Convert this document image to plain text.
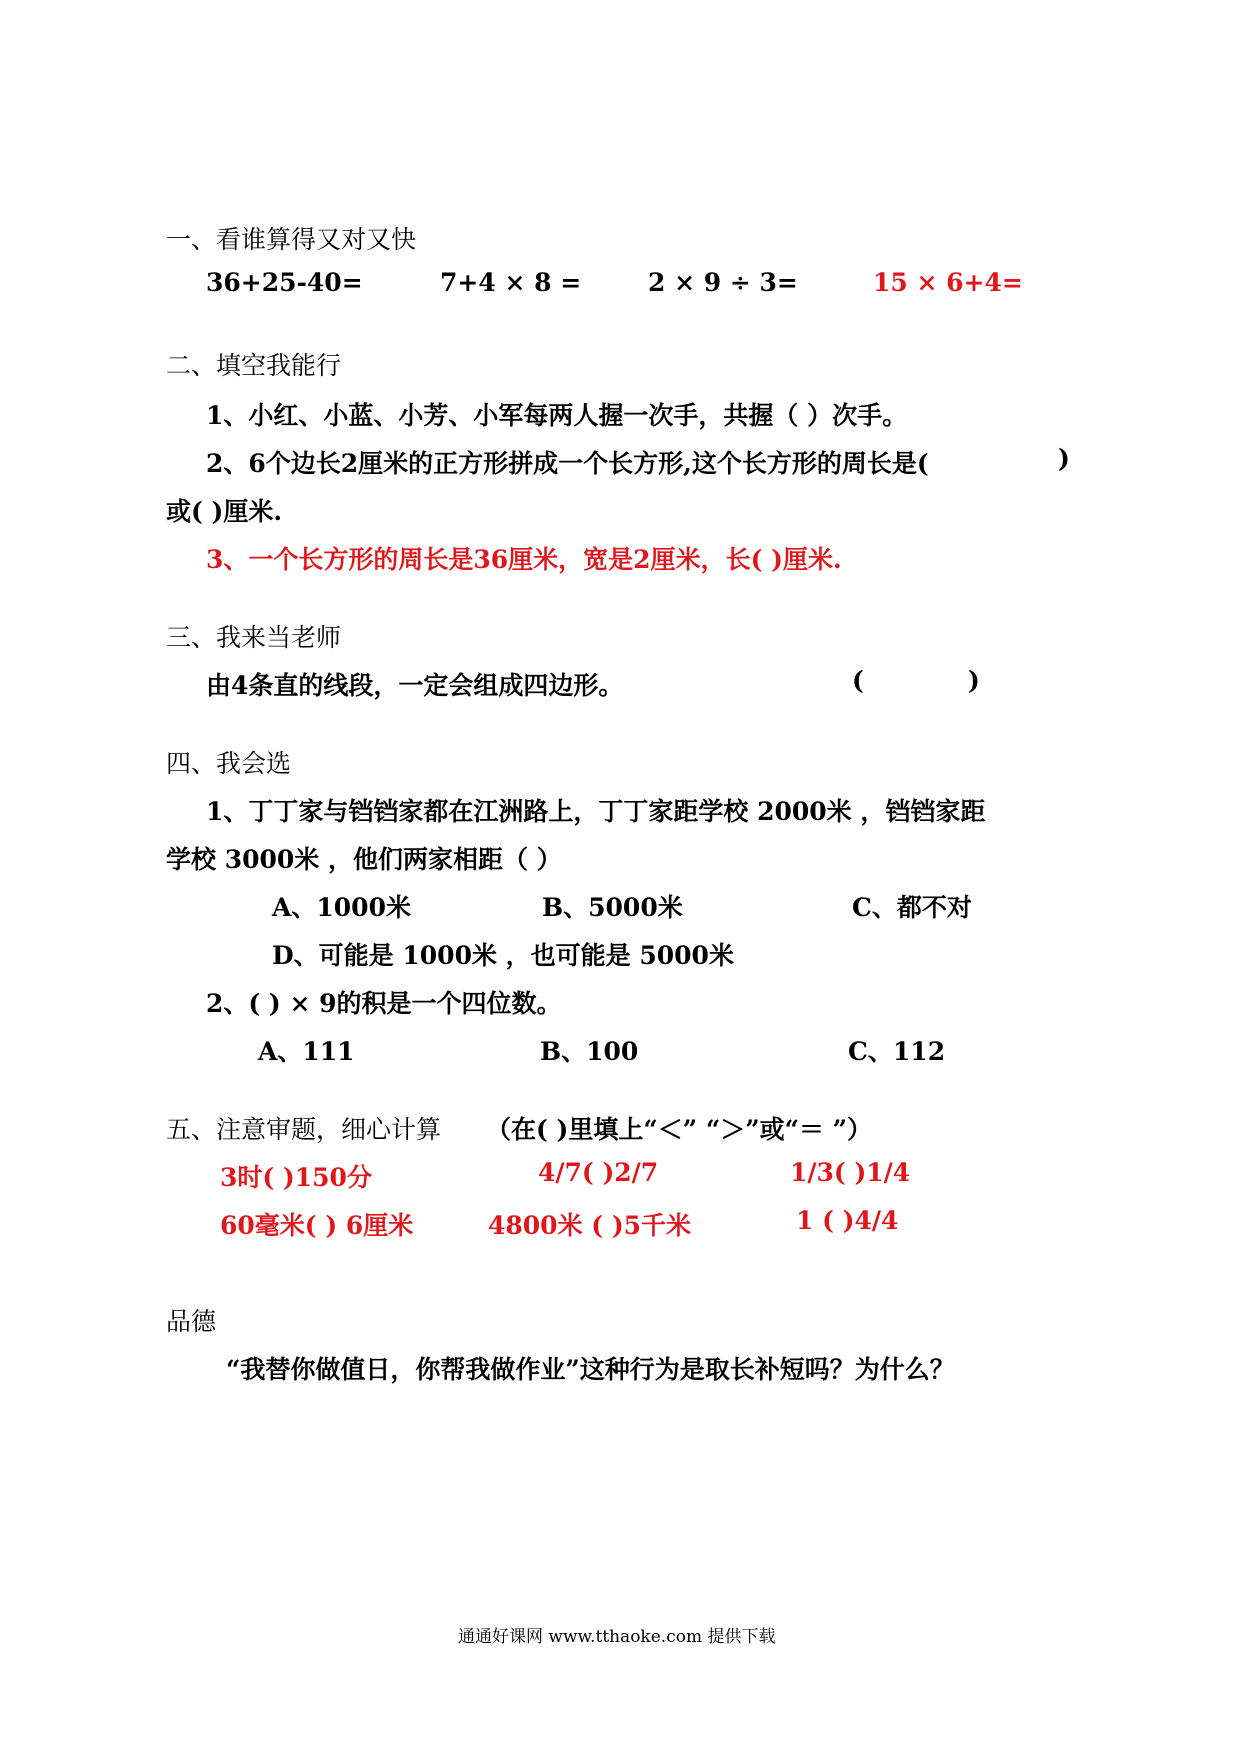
一、看谁算得又对又快
36+25-40=	7+4 × 8 =	2 × 9 ÷ 3=	15 × 6+4=
二、填空我能行
1、小红、小蓝、小芳、小军每两人握一次手，共握（ ）次手。
2、6个边长2厘米的正方形拼成一个长方形,这个长方形的周长是(	)
或( )厘米.
3、一个长方形的周长是36厘米，宽是2厘米，长( )厘米.
三、我来当老师
由4条直的线段，一定会组成四边形。	(	)
四、我会选
1、丁丁家与铛铛家都在江洲路上，丁丁家距学校 2000米 ，铛铛家距
学校 3000米 ，他们两家相距（ ）
A、1000米	B、5000米	C、都不对
D、可能是 1000米 ，也可能是 5000米
2、( ) × 9的积是一个四位数。
A、111	B、100	C、112
五、注意审题，细心计算 （在( )里填上“＜” “＞”或“＝ ”）
3时( )150分	4/7( )2/7	1/3( )1/4
60毫米( ) 6厘米	4800米 ( )5千米	1 ( )4/4
品德
“我替你做值日，你帮我做作业”这种行为是取长补短吗？为什么？
通通好课网 www.tthaoke.com 提供下载
